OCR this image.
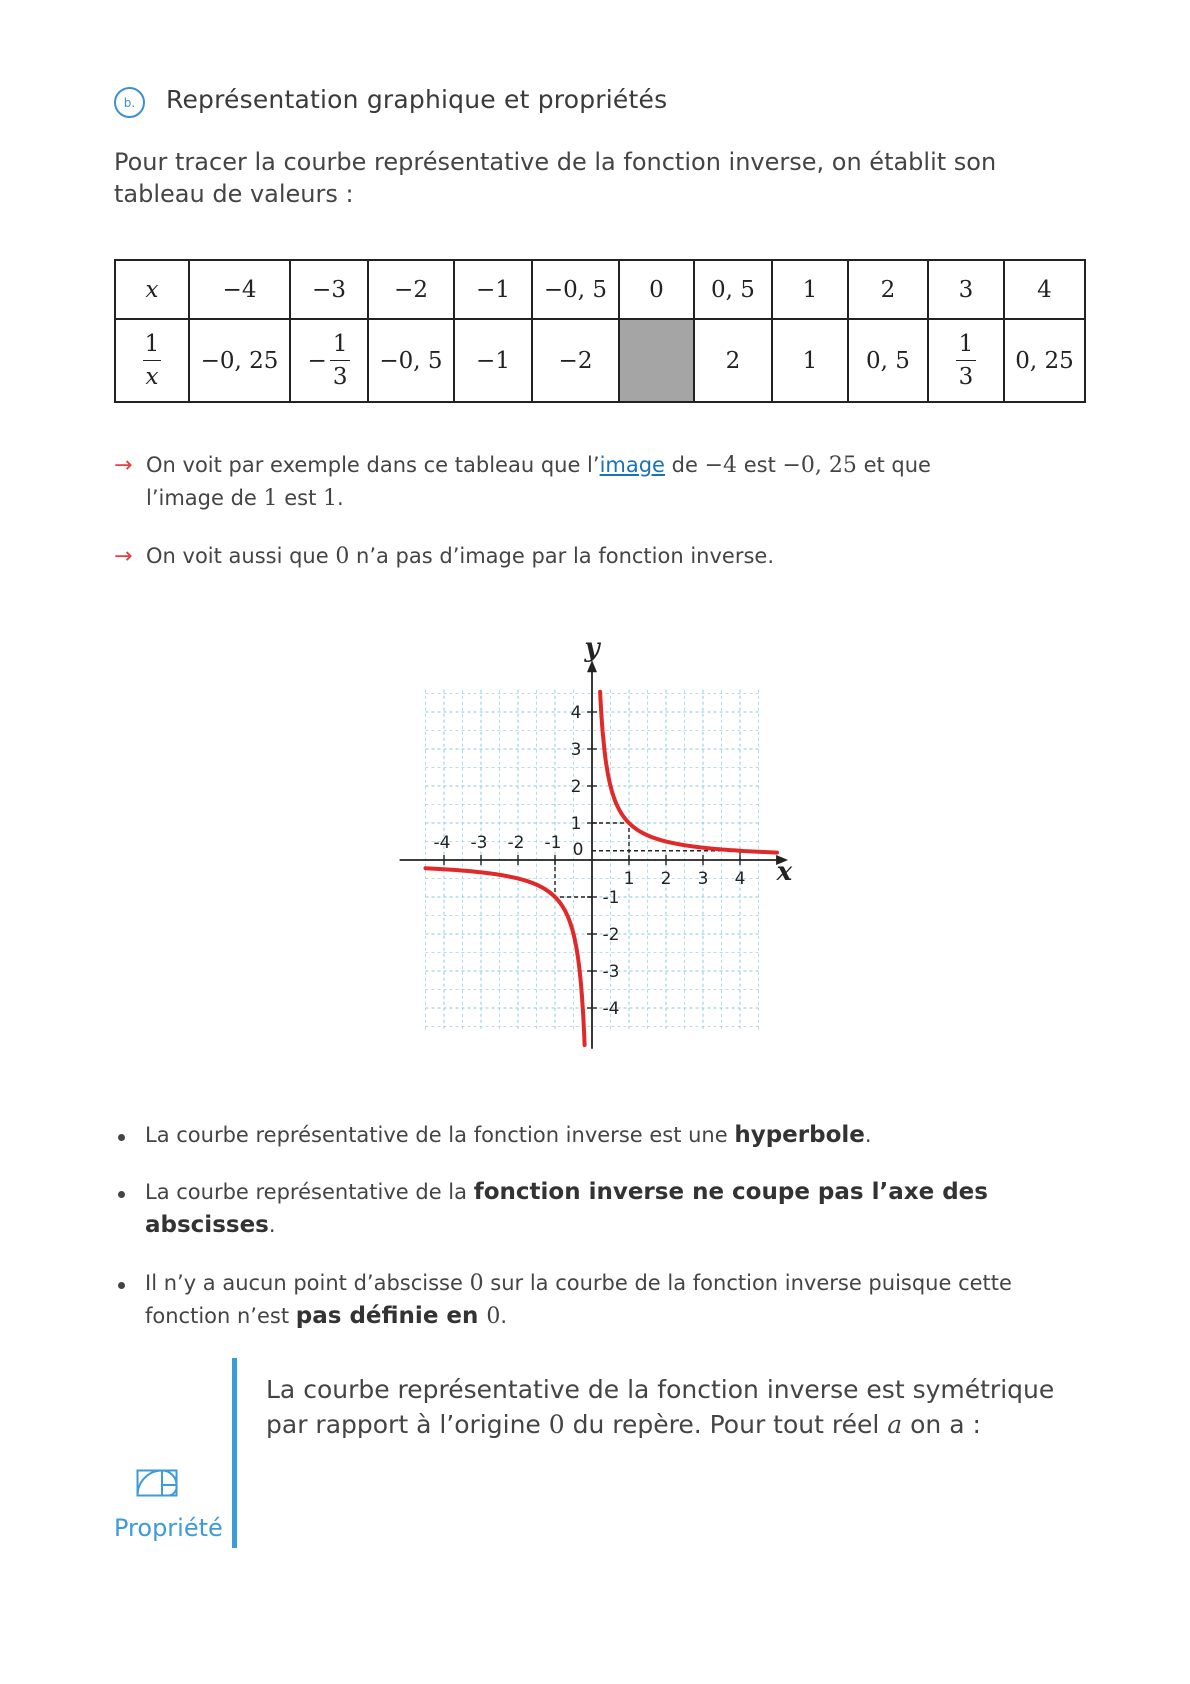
b.	Représentation graphique et propriétés
Pour tracer la courbe représentative de la fonction inverse, on établit son tableau de valeurs :
x	−4	−3	−2	−1	−0, 5	0	0, 5	1	2	3	4

$\frac{1}{x}$	−0, 25	− $\frac{1}{3}$	−0, 5	−1	−2		2	1	0, 5	$\frac{1}{3}$	0, 25
→ On voit par exemple dans ce tableau que l’image de −4 est −0, 25 et que
l’image de 1 est 1.
→ On voit aussi que 0 n’a pas d’image par la fonction inverse.
1 2 3 4
-4 -3 -2 -1
1
2
3
4
-1
-2
-3
-4
0
x
y
La courbe représentative de la fonction inverse est une hyperbole.
La courbe représentative de la fonction inverse ne coupe pas l’axe des abscisses.
Il n’y a aucun point d’abscisse 0 sur la courbe de la fonction inverse puisque cette fonction n’est pas définie en 0.
Propriété
La courbe représentative de la fonction inverse est symétrique par rapport à l’origine 0 du repère. Pour tout réel a on a :
